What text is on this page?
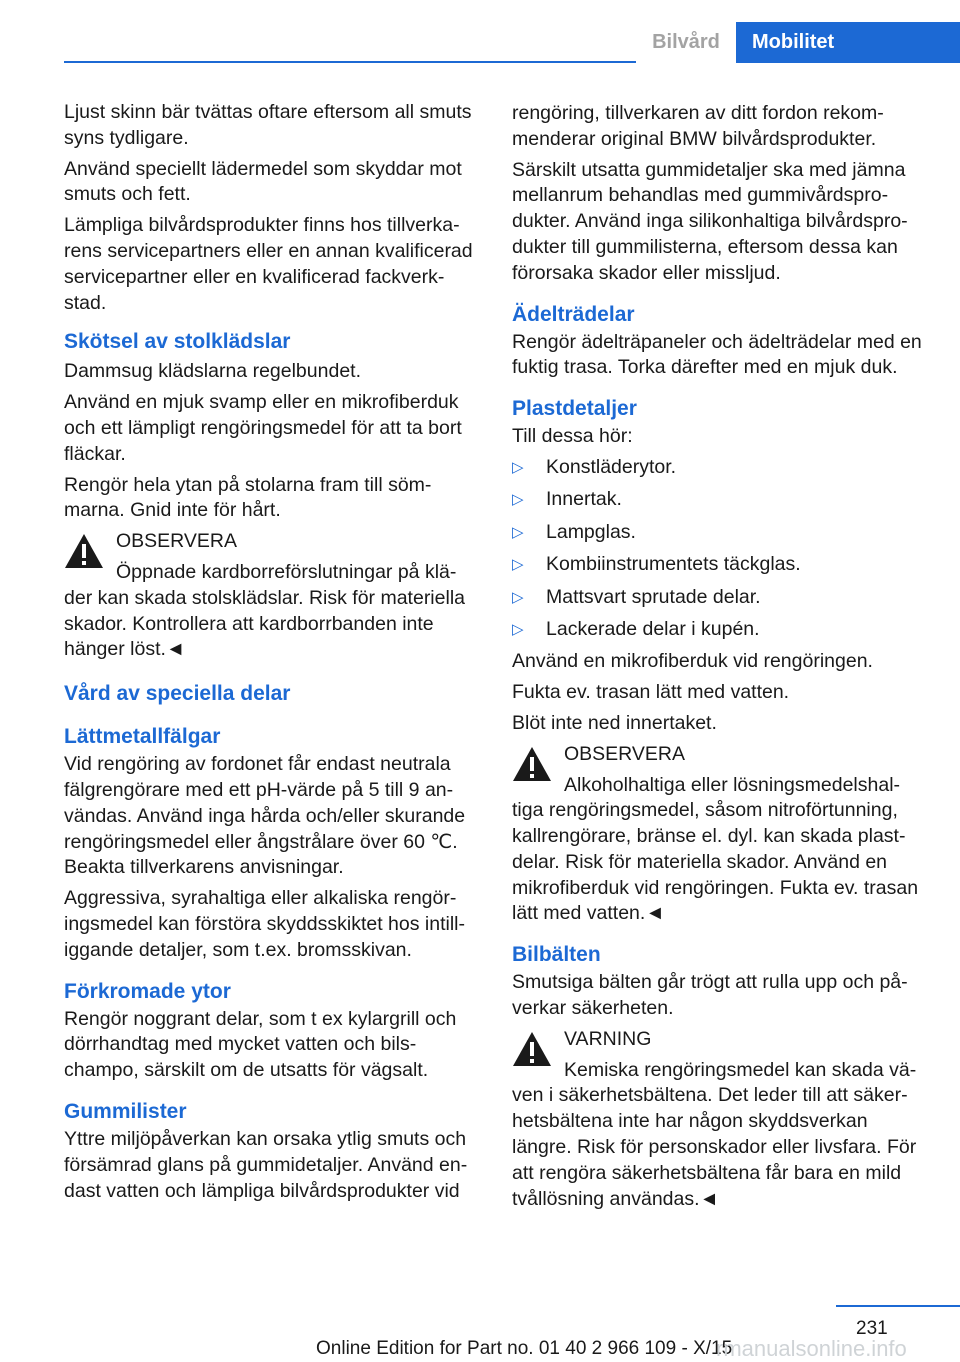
Bilvård	Mobilitet

Ljust skinn bär tvättas oftare eftersom all smuts syns tydligare.

Använd speciellt lädermedel som skyddar mot smuts och fett.

Lämpliga bilvårdsprodukter finns hos tillverka-rens servicepartners eller en annan kvalificerad servicepartner eller en kvalificerad fackverk-stad.

Skötsel av stolklädslar

Dammsug klädslarna regelbundet.

Använd en mjuk svamp eller en mikrofiberduk och ett lämpligt rengöringsmedel för att ta bort fläckar.

Rengör hela ytan på stolarna fram till söm-marna. Gnid inte för hårt.

OBSERVERA
Öppnade kardborreförslutningar på klä- der kan skada stolsklädslar. Risk för materiella skador. Kontrollera att kardborrbanden inte hänger löst.◄
Vård av speciella delar
Lättmetallfälgar

Vid rengöring av fordonet får endast neutrala fälgrengörare med ett pH-värde på 5 till 9 an-vändas. Använd inga hårda och/eller skurande rengöringsmedel eller ångstrålare över 60 ℃. Beakta tillverkarens anvisningar.

Aggressiva, syrahaltiga eller alkaliska rengör-ingsmedel kan förstöra skyddsskiktet hos intill-iggande detaljer, som t.ex. bromsskivan.

Förkromade ytor

Rengör noggrant delar, som t ex kylargrill och dörrhandtag med mycket vatten och bils-champo, särskilt om de utsatts för vägsalt.

Gummilister

Yttre miljöpåverkan kan orsaka ytlig smuts och försämrad glans på gummidetaljer. Använd en-dast vatten och lämpliga bilvårdsprodukter vid

rengöring, tillverkaren av ditt fordon rekom-menderar original BMW bilvårdsprodukter.

Särskilt utsatta gummidetaljer ska med jämna mellanrum behandlas med gummivårdspro-dukter. Använd inga silikonhaltiga bilvårdspro-dukter till gummilisterna, eftersom dessa kan förorsaka skador eller missljud.

Ädelträdelar

Rengör ädelträpaneler och ädelträdelar med en fuktig trasa. Torka därefter med en mjuk duk.

Plastdetaljer

Till dessa hör:

▷ Konstläderytor.
▷ Innertak.
▷ Lampglas.
▷ Kombiinstrumentets täckglas.
▷ Mattsvart sprutade delar.
▷ Lackerade delar i kupén.

Använd en mikrofiberduk vid rengöringen.

Fukta ev. trasan lätt med vatten.

Blöt inte ned innertaket.

OBSERVERA
Alkoholhaltiga eller lösningsmedelshal- tiga rengöringsmedel, såsom nitroförtunning, kallrengörare, bränse el. dyl. kan skada plast-delar. Risk för materiella skador. Använd en mikrofiberduk vid rengöringen. Fukta ev. trasan lätt med vatten.◄
Bilbälten

Smutsiga bälten går trögt att rulla upp och på-verkar säkerheten.

VARNING
Kemiska rengöringsmedel kan skada vä- ven i säkerhetsbältena. Det leder till att säker-hetsbältena inte har någon skyddsverkan längre. Risk för personskador eller livsfara. För att rengöra säkerhetsbältena får bara en mild tvållösning användas.◄
231
Online Edition for Part no. 01 40 2 966 109 - X/15
rmanualsonline.info
